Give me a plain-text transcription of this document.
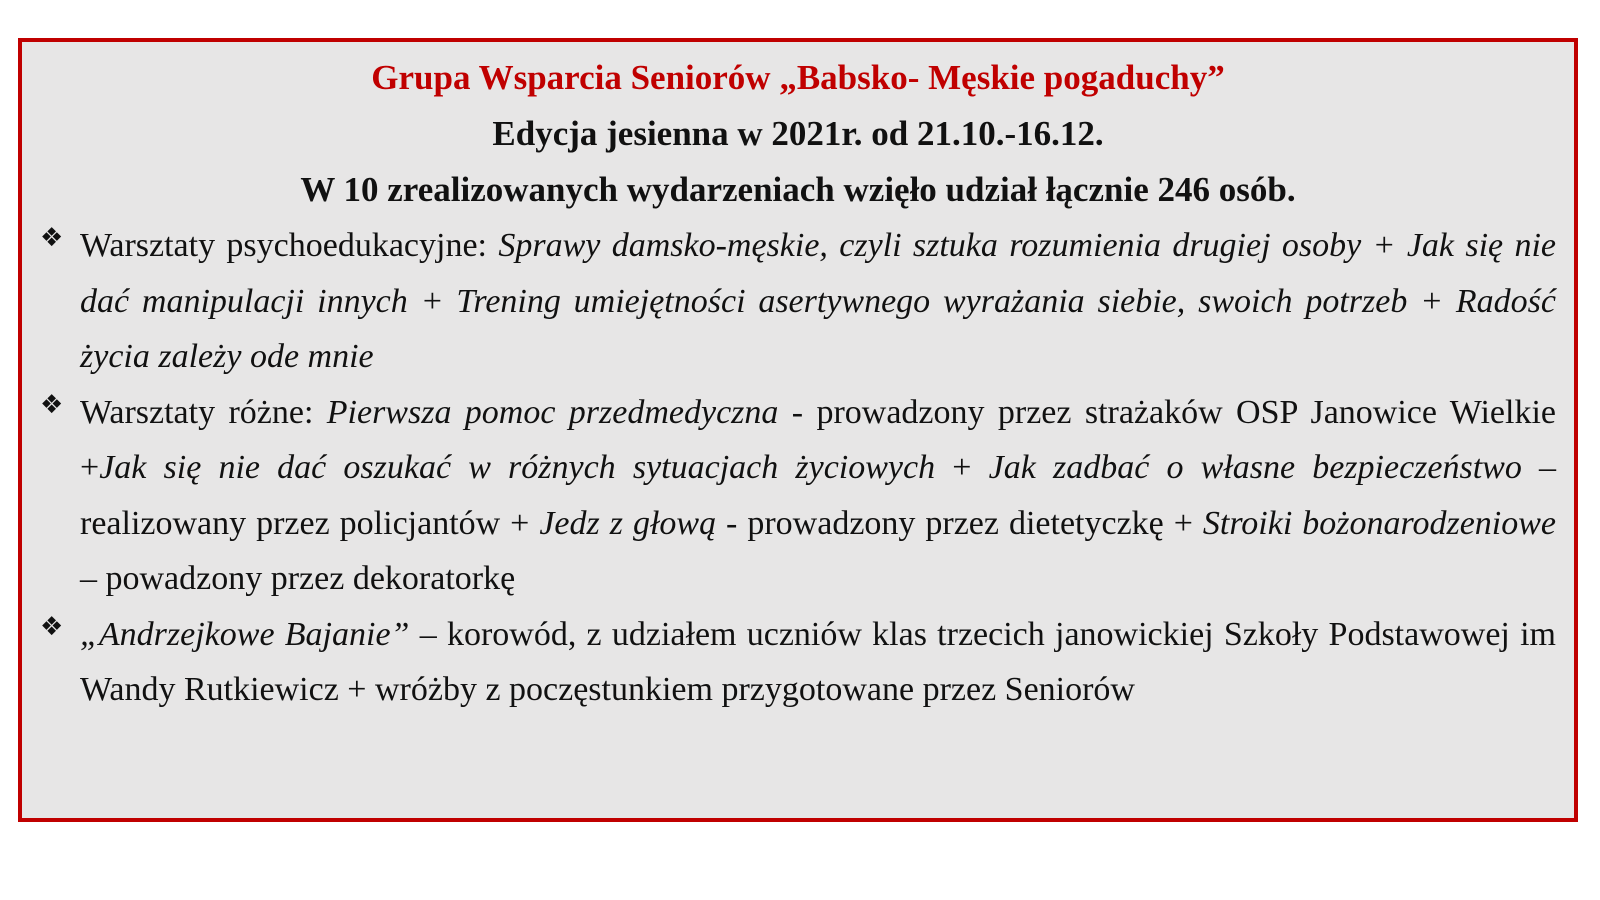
Grupa Wsparcia Seniorów „Babsko- Męskie pogaduchy”
Edycja jesienna w 2021r. od 21.10.-16.12.
W 10 zrealizowanych wydarzeniach wzięło udział łącznie 246 osób.
❖ Warsztaty psychoedukacyjne: Sprawy damsko-męskie, czyli sztuka rozumienia drugiej osoby + Jak się nie dać manipulacji innych + Trening umiejętności asertywnego wyrażania siebie, swoich potrzeb + Radość życia zależy ode mnie
❖ Warsztaty różne: Pierwsza pomoc przedmedyczna - prowadzony przez strażaków OSP Janowice Wielkie +Jak się nie dać oszukać w różnych sytuacjach życiowych + Jak zadbać o własne bezpieczeństwo – realizowany przez policjantów + Jedz z głową - prowadzony przez dietetyczkę + Stroiki bożonarodzeniowe – powadzony przez dekoratorkę
❖ „Andrzejkowe Bajanie” – korowód, z udziałem uczniów klas trzecich janowickiej Szkoły Podstawowej im Wandy Rutkiewicz + wróżby z poczęstunkiem przygotowane przez Seniorów
